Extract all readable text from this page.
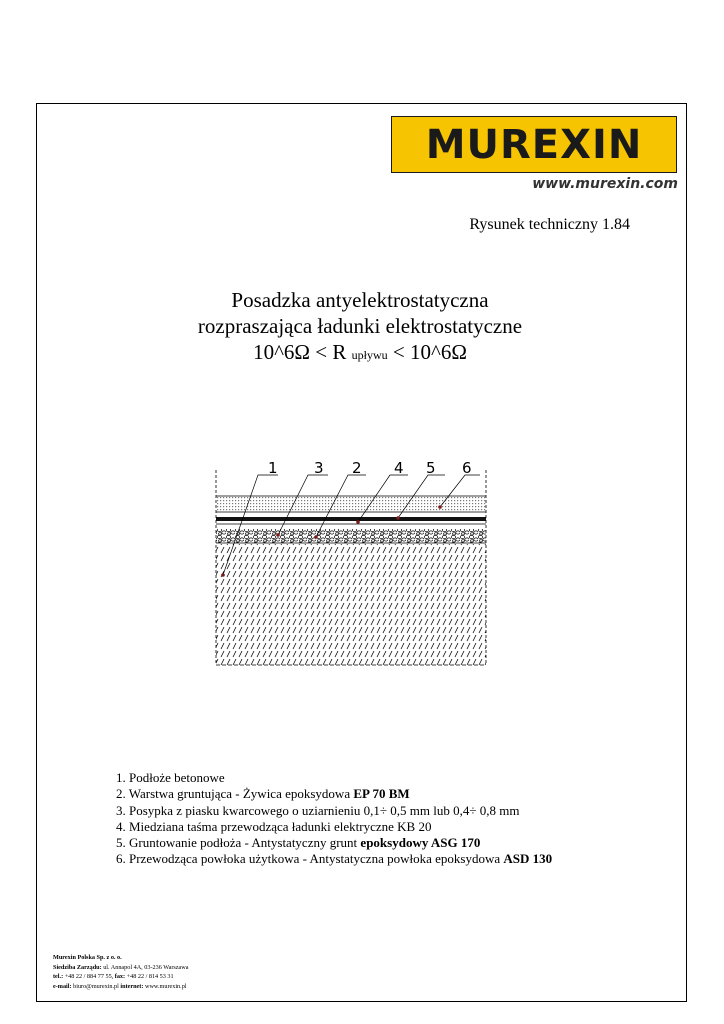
MUREXIN
www.murexin.com
Rysunek techniczny 1.84
Posadzka antyelektrostatyczna
rozpraszająca ładunki elektrostatyczne
10^6Ω < R upływu < 10^6Ω
1 3 2 4 5 6
1. Podłoże betonowe
2. Warstwa gruntująca - Żywica epoksydowa EP 70 BM
3. Posypka z piasku kwarcowego o uziarnieniu 0,1÷ 0,5 mm lub 0,4÷ 0,8 mm
4. Miedziana taśma przewodząca ładunki elektryczne KB 20
5. Gruntowanie podłoża - Antystatyczny grunt epoksydowy ASG 170
6. Przewodząca powłoka użytkowa - Antystatyczna powłoka epoksydowa ASD 130
Murexin Polska Sp. z o. o.
Siedziba Zarządu: ul. Annapol 4A, 03-236 Warszawa
tel.: +48 22 / 884 77 55, fax: +48 22 / 814 53 31
e-mail: biuro@murexin.pl internet: www.murexin.pl
